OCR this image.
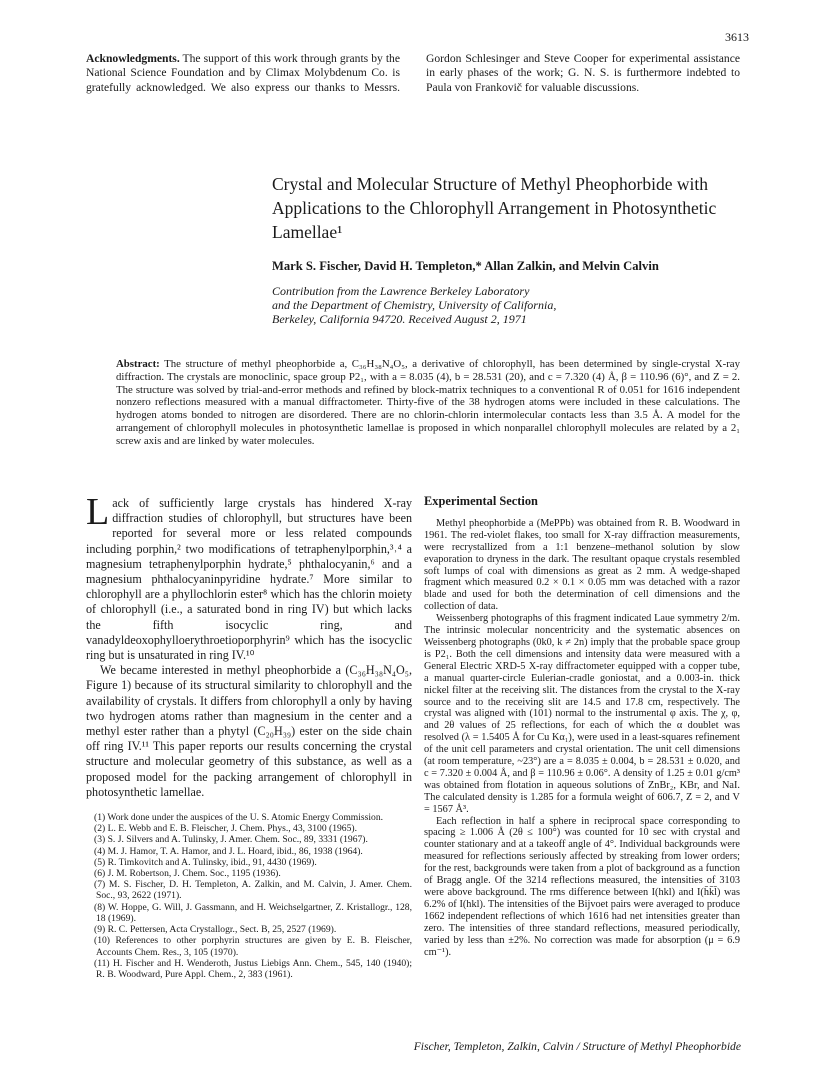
3613
Acknowledgments. The support of this work through grants by the National Science Foundation and by Climax Molybdenum Co. is gratefully acknowledged. We also express our thanks to Messrs. Gordon Schlesinger and Steve Cooper for experimental assistance in early phases of the work; G. N. S. is furthermore indebted to Paula von Frankovič for valuable discussions.
Crystal and Molecular Structure of Methyl Pheophorbide with Applications to the Chlorophyll Arrangement in Photosynthetic Lamellae¹
Mark S. Fischer, David H. Templeton,* Allan Zalkin, and Melvin Calvin
Contribution from the Lawrence Berkeley Laboratory
and the Department of Chemistry, University of California,
Berkeley, California 94720. Received August 2, 1971
Abstract: The structure of methyl pheophorbide a, C₃₆H₃₈N₄O₅, a derivative of chlorophyll, has been determined by single-crystal X-ray diffraction. The crystals are monoclinic, space group P2₁, with a = 8.035 (4), b = 28.531 (20), and c = 7.320 (4) Å, β = 110.96 (6)°, and Z = 2. The structure was solved by trial-and-error methods and refined by block-matrix techniques to a conventional R of 0.051 for 1616 independent nonzero reflections measured with a manual diffractometer. Thirty-five of the 38 hydrogen atoms were included in these calculations. The hydrogen atoms bonded to nitrogen are disordered. There are no chlorin-chlorin intermolecular contacts less than 3.5 Å. A model for the arrangement of chlorophyll molecules in photosynthetic lamellae is proposed in which nonparallel chlorophyll molecules are related by a 2₁ screw axis and are linked by water molecules.

Lack of sufficiently large crystals has hindered X-ray diffraction studies of chlorophyll, but structures have been reported for several more or less related compounds including porphin,² two modifications of tetraphenylporphin,³˒⁴ a magnesium tetraphenylporphin hydrate,⁵ phthalocyanin,⁶ and a magnesium phthalocyaninpyridine hydrate.⁷ More similar to chlorophyll are a phyllochlorin ester⁸ which has the chlorin moiety of chlorophyll (i.e., a saturated bond in ring IV) but which lacks the fifth isocyclic ring, and vanadyldeoxophylloerythroetioporphyrin⁹ which has the isocyclic ring but is unsaturated in ring IV.¹⁰

We became interested in methyl pheophorbide a (C₃₆H₃₈N₄O₅, Figure 1) because of its structural similarity to chlorophyll and the availability of crystals. It differs from chlorophyll a only by having two hydrogen atoms rather than magnesium in the center and a methyl ester rather than a phytyl (C₂₀H₃₉) ester on the side chain off ring IV.¹¹ This paper reports our results concerning the crystal structure and molecular geometry of this substance, as well as a proposed model for the packing arrangement of chlorophyll in photosynthetic lamellae.

(1) Work done under the auspices of the U. S. Atomic Energy Commission.
(2) L. E. Webb and E. B. Fleischer, J. Chem. Phys., 43, 3100 (1965).
(3) S. J. Silvers and A. Tulinsky, J. Amer. Chem. Soc., 89, 3331 (1967).
(4) M. J. Hamor, T. A. Hamor, and J. L. Hoard, ibid., 86, 1938 (1964).
(5) R. Timkovitch and A. Tulinsky, ibid., 91, 4430 (1969).
(6) J. M. Robertson, J. Chem. Soc., 1195 (1936).
(7) M. S. Fischer, D. H. Templeton, A. Zalkin, and M. Calvin, J. Amer. Chem. Soc., 93, 2622 (1971).
(8) W. Hoppe, G. Will, J. Gassmann, and H. Weichselgartner, Z. Kristallogr., 128, 18 (1969).
(9) R. C. Pettersen, Acta Crystallogr., Sect. B, 25, 2527 (1969).
(10) References to other porphyrin structures are given by E. B. Fleischer, Accounts Chem. Res., 3, 105 (1970).
(11) H. Fischer and H. Wenderoth, Justus Liebigs Ann. Chem., 545, 140 (1940); R. B. Woodward, Pure Appl. Chem., 2, 383 (1961).
Experimental Section

Methyl pheophorbide a (MePPb) was obtained from R. B. Woodward in 1961. The red-violet flakes, too small for X-ray diffraction measurements, were recrystallized from a 1:1 benzene–methanol solution by slow evaporation to dryness in the dark. The resultant opaque crystals resembled soft lumps of coal with dimensions as great as 2 mm. A wedge-shaped fragment which measured 0.2 × 0.1 × 0.05 mm was detached with a razor blade and used for both the determination of cell dimensions and the collection of data.

Weissenberg photographs of this fragment indicated Laue symmetry 2/m. The intrinsic molecular noncentricity and the systematic absences on Weissenberg photographs (0k0, k ≠ 2n) imply that the probable space group is P2₁. Both the cell dimensions and intensity data were measured with a General Electric XRD-5 X-ray diffractometer equipped with a copper tube, a manual quarter-circle Eulerian-cradle goniostat, and a 0.003-in. thick nickel filter at the receiving slit. The distances from the crystal to the X-ray source and to the receiving slit are 14.5 and 17.8 cm, respectively. The crystal was aligned with (101) normal to the instrumental φ axis. The χ, φ, and 2θ values of 25 reflections, for each of which the α doublet was resolved (λ = 1.5405 Å for Cu Kα₁), were used in a least-squares refinement of the unit cell parameters and crystal orientation. The unit cell dimensions (at room temperature, ~23°) are a = 8.035 ± 0.004, b = 28.531 ± 0.020, and c = 7.320 ± 0.004 Å, and β = 110.96 ± 0.06°. A density of 1.25 ± 0.01 g/cm³ was obtained from flotation in aqueous solutions of ZnBr₂, KBr, and NaI. The calculated density is 1.285 for a formula weight of 606.7, Z = 2, and V = 1567 Å³.

Each reflection in half a sphere in reciprocal space corresponding to spacing ≥ 1.006 Å (2θ ≤ 100°) was counted for 10 sec with crystal and counter stationary and at a takeoff angle of 4°. Individual backgrounds were measured for reflections seriously affected by streaking from lower orders; for the rest, backgrounds were taken from a plot of background as a function of Bragg angle. Of the 3214 reflections measured, the intensities of 3103 were above background. The rms difference between I(hkl) and I(h̄k̄l̄) was 6.2% of I(hkl). The intensities of the Bijvoet pairs were averaged to produce 1662 independent reflections of which 1616 had net intensities greater than zero. The intensities of three standard reflections, measured periodically, varied by less than ±2%. No correction was made for absorption (μ = 6.9 cm⁻¹).

Fischer, Templeton, Zalkin, Calvin / Structure of Methyl Pheophorbide
